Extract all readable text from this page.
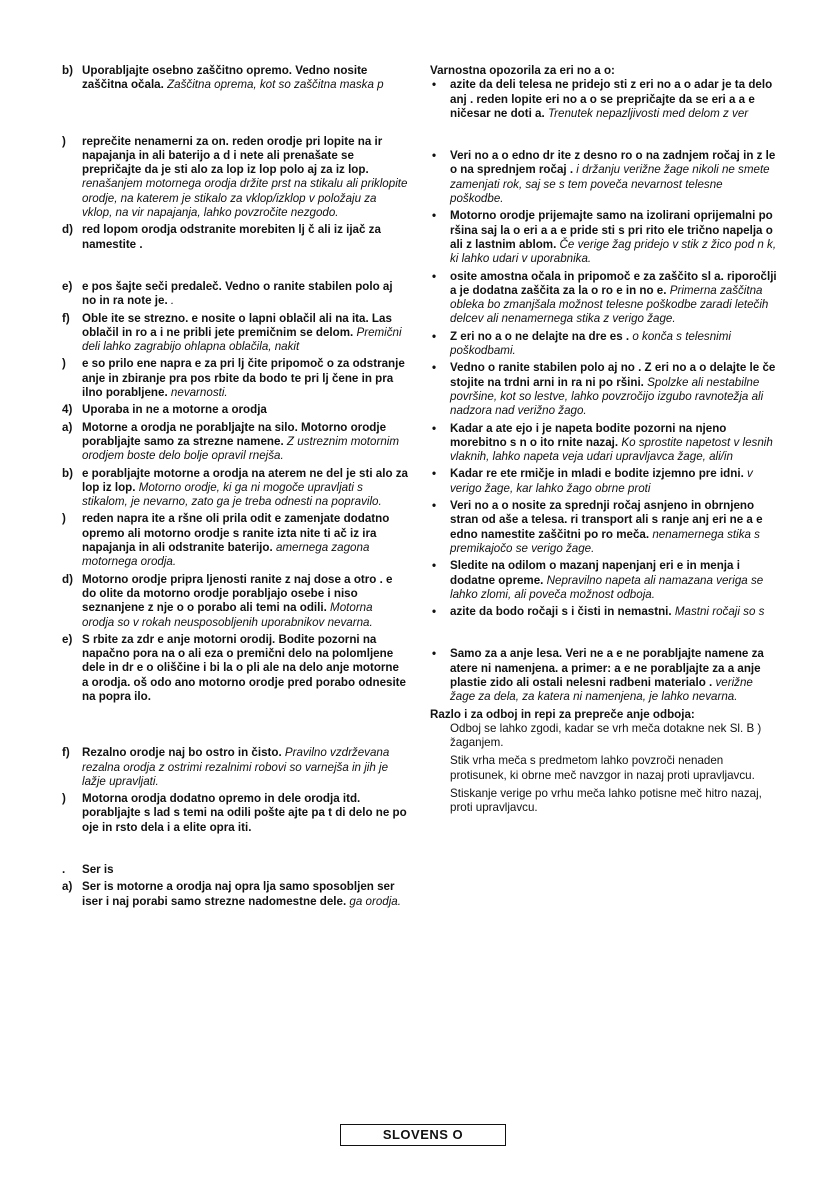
b) Uporabljajte osebno zaščitno opremo. Vedno nosite zaščitna očala. Zaščitna oprema, kot so zaščitna maska p

) reprečite nenamerni za on. reden orodje pri lopite na ir napajanja in ali baterijo a d i nete ali prenašate se prepričajte da je sti alo za lop iz lop polo aj za iz lop. renašanjem motornega orodja držite prst na stikalu ali priklopite orodje, na katerem je stikalo za vklop/izklop v položaju za vklop, na vir napajanja, lahko povzročite nezgodo.

d) red lopom orodja odstranite morebiten lj č ali iz ijač za namestite .

e) e pos šajte seči predaleč. Vedno o ranite stabilen polo aj no in ra note je. .

f) Oble ite se strezno. e nosite o lapni oblačil ali na ita. Las oblačil in ro a i ne pribli jete premičnim se delom. Premični deli lahko zagrabijo ohlapna oblačila, nakit

) e so prilo ene napra e za pri lj čite pripomoč o za odstranje anje in zbiranje pra pos rbite da bodo te pri lj čene in pra ilno porabljene. nevarnosti.

4) Uporaba in ne a motorne a orodja

a) Motorne a orodja ne porabljajte na silo. Motorno orodje porabljajte samo za strezne namene. Z ustreznim motornim orodjem boste delo bolje opravil rnejša.

b) e porabljajte motorne a orodja na aterem ne del je sti alo za lop iz lop. Motorno orodje, ki ga ni mogoče upravljati s stikalom, je nevarno, zato ga je treba odnesti na popravilo.

) reden napra ite a ršne oli prila odit e zamenjate dodatno opremo ali motorno orodje s ranite izta nite ti ač iz ira napajanja in ali odstranite baterijo. amernega zagona motornega orodja.

d) Motorno orodje pripra ljenosti ranite z naj dose a otro . e do olite da motorno orodje porabljajo osebe i niso seznanjene z nje o o porabo ali temi na odili. Motorna orodja so v rokah neusposobljenih uporabnikov nevarna.

e) S rbite za zdr e anje motorni orodij. Bodite pozorni na napačno pora na o ali eza o premični delo na polomljene dele in dr e o oliščine i bi la o pli ale na delo anje motorne a orodja. oš odo ano motorno orodje pred porabo odnesite na popra ilo.

f) Rezalno orodje naj bo ostro in čisto. Pravilno vzdrževana rezalna orodja z ostrimi rezalnimi robovi so varnejša in jih je lažje upravljati.

) Motorna orodja dodatno opremo in dele orodja itd. porabljajte s lad s temi na odili pošte ajte pa t di delo ne po oje in rsto dela i a elite opra iti.

. Ser is

a) Ser is motorne a orodja naj opra lja samo sposobljen ser iser i naj porabi samo strezne nadomestne dele. ga orodja.

Varnostna opozorila za eri no a o:

• azite da deli telesa ne pridejo sti z eri no a o adar je ta delo anj . reden lopite eri no a o se prepričajte da se eri a a e ničesar ne doti a. Trenutek nepazljivosti med delom z ver

• Veri no a o edno dr ite z desno ro o na zadnjem ročaj in z le o na sprednjem ročaj . i držanju verižne žage nikoli ne smete zamenjati rok, saj se s tem poveča nevarnost telesne poškodbe.

• Motorno orodje prijemajte samo na izolirani oprijemalni po ršina saj la o eri a a e pride sti s pri rito ele trično napelja o ali z lastnim ablom. Če verige žag pridejo v stik z žico pod n k, ki lahko udari v uporabnika.

• osite amostna očala in pripomoč e za zaščito sl a. riporočlji a je dodatna zaščita za la o ro e in no e. Primerna zaščitna obleka bo zmanjšala možnost telesne poškodbe zaradi letečih delcev ali nenamernega stika z verigo žage.

• Z eri no a o ne delajte na dre es . o konča s telesnimi poškodbami.

• Vedno o ranite stabilen polo aj no . Z eri no a o delajte le če stojite na trdni arni in ra ni po ršini. Spolzke ali nestabilne površine, kot so lestve, lahko povzročijo izgubo ravnotežja ali nadzora nad verižno žago.

• Kadar a ate ejo i je napeta bodite pozorni na njeno morebitno s n o ito rnite nazaj. Ko sprostite napetost v lesnih vlaknih, lahko napeta veja udari upravljavca žage, ali/in

• Kadar re ete rmičje in mladi e bodite izjemno pre idni. v verigo žage, kar lahko žago obrne proti

• Veri no a o nosite za sprednji ročaj asnjeno in obrnjeno stran od aše a telesa. ri transport ali s ranje anj eri ne a e edno namestite zaščitni po ro meča. nenamernega stika s premikajočo se verigo žage.

• Sledite na odilom o mazanj napenjanj eri e in menja i dodatne opreme. Nepravilno napeta ali namazana veriga se lahko zlomi, ali poveča možnost odboja.

• azite da bodo ročaji s i čisti in nemastni. Mastni ročaji so s

• Samo za a anje lesa. Veri ne a e ne porabljajte namene za atere ni namenjena. a primer: a e ne porabljajte za a anje plastie zido ali ostali nelesni radbeni materialo . verižne žage za dela, za katera ni namenjena, je lahko nevarna.

Razlo i za odboj in repi za prepreče anje odboja:

Odboj se lahko zgodi, kadar se vrh meča dotakne nek Sl. B ) žaganjem.

Stik vrha meča s predmetom lahko povzroči nenaden protisunek, ki obrne meč navzgor in nazaj proti upravljavcu.

Stiskanje verige po vrhu meča lahko potisne meč hitro nazaj, proti upravljavcu.

SLOVENS O
